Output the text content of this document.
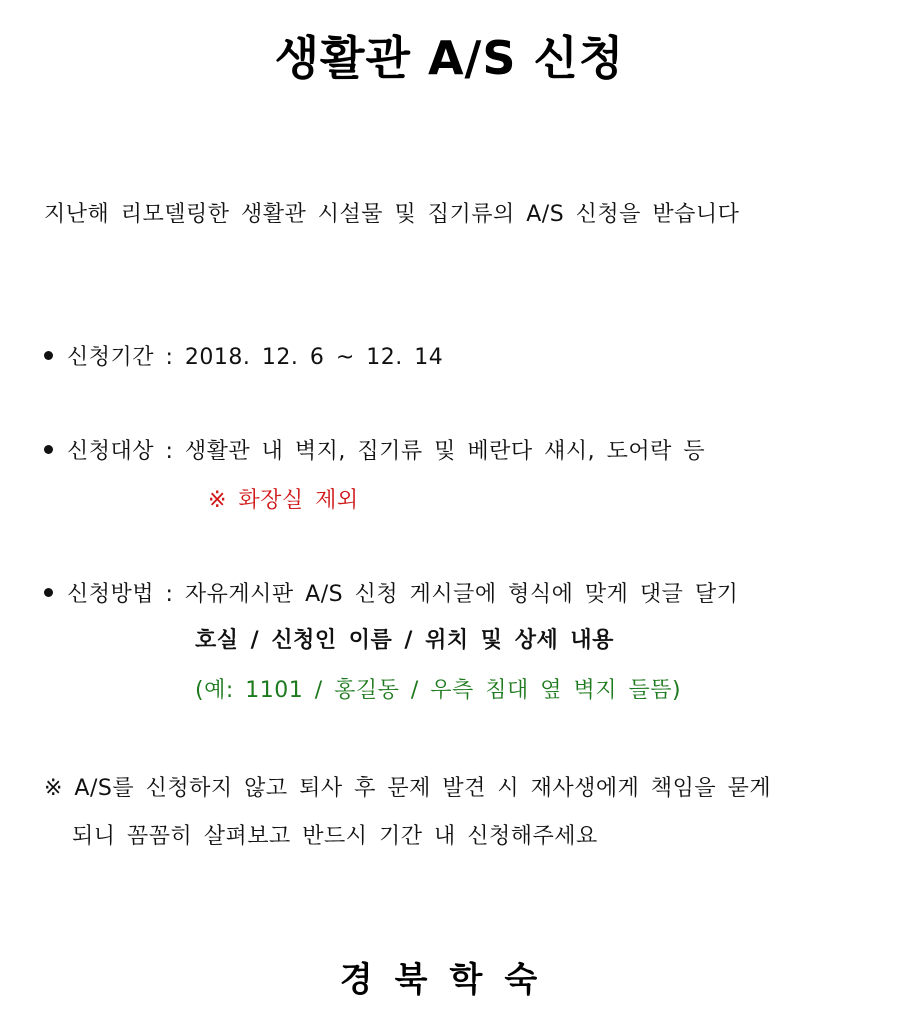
생활관 A/S 신청

지난해 리모델링한 생활관 시설물 및 집기류의 A/S 신청을 받습니다

신청기간 : 2018. 12. 6 ~ 12. 14
신청대상 : 생활관 내 벽지, 집기류 및 베란다 섀시, 도어락 등

※ 화장실 제외

신청방법 : 자유게시판 A/S 신청 게시글에 형식에 맞게 댓글 달기

호실 / 신청인 이름 / 위치 및 상세 내용

(예: 1101 / 홍길동 / 우측 침대 옆 벽지 들뜸)

※ A/S를 신청하지 않고 퇴사 후 문제 발견 시 재사생에게 책임을 묻게
되니 꼼꼼히 살펴보고 반드시 기간 내 신청해주세요

경북학숙
